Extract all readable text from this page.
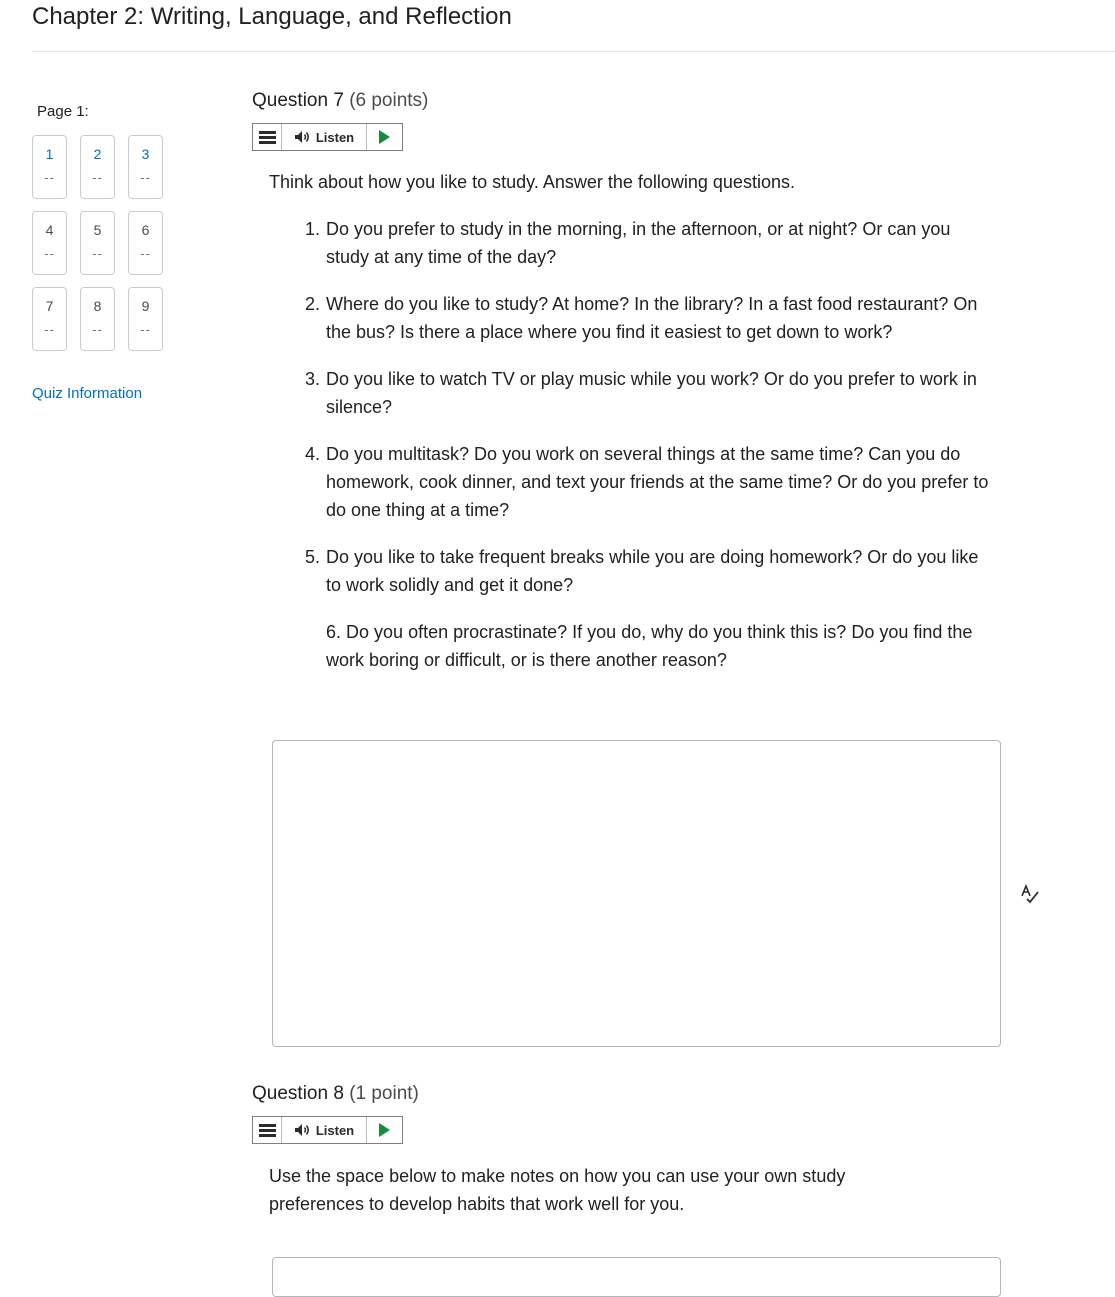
Chapter 2: Writing, Language, and Reflection
Page 1:
1
--
2
--
3
--
4
--
5
--
6
--
7
--
8
--
9
--
Quiz Information
Question 7 (6 points)
Listen
Think about how you like to study. Answer the following questions.
1. Do you prefer to study in the morning, in the afternoon, or at night? Or can you study at any time of the day?
2. Where do you like to study? At home? In the library? In a fast food restaurant? On the bus? Is there a place where you find it easiest to get down to work?
3. Do you like to watch TV or play music while you work? Or do you prefer to work in silence?
4. Do you multitask? Do you work on several things at the same time? Can you do homework, cook dinner, and text your friends at the same time? Or do you prefer to do one thing at a time?
5. Do you like to take frequent breaks while you are doing homework? Or do you like to work solidly and get it done?
6. Do you often procrastinate? If you do, why do you think this is? Do you find the work boring or difficult, or is there another reason?
Question 8 (1 point)
Listen
Use the space below to make notes on how you can use your own study preferences to develop habits that work well for you.
